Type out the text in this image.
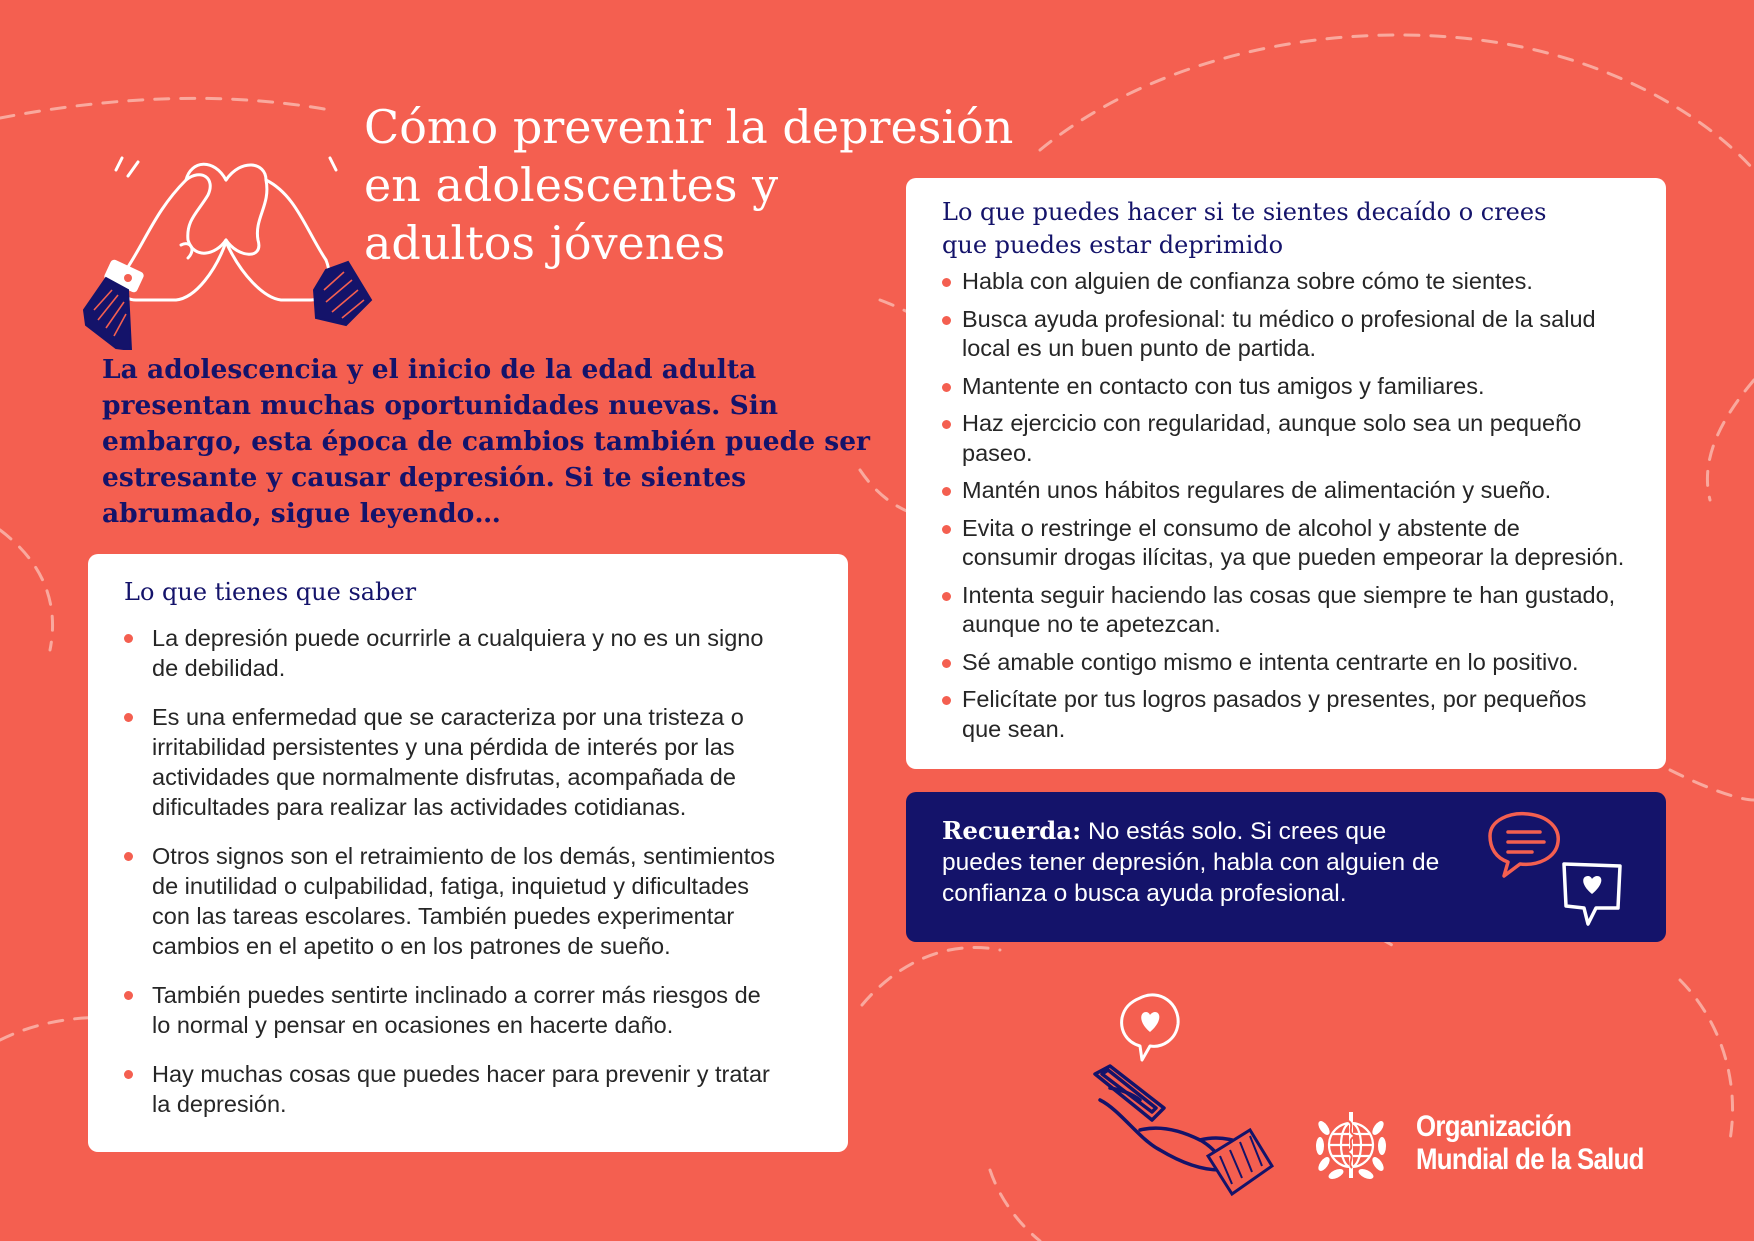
Cómo prevenir la depresión
en adolescentes y
adultos jóvenes

La adolescencia y el inicio de la edad adulta
presentan muchas oportunidades nuevas. Sin
embargo, esta época de cambios también puede ser
estresante y causar depresión. Si te sientes
abrumado, sigue leyendo…

Lo que tienes que saber
La depresión puede ocurrirle a cualquiera y no es un signo
de debilidad.
Es una enfermedad que se caracteriza por una tristeza o
irritabilidad persistentes y una pérdida de interés por las
actividades que normalmente disfrutas, acompañada de
dificultades para realizar las actividades cotidianas.
Otros signos son el retraimiento de los demás, sentimientos
de inutilidad o culpabilidad, fatiga, inquietud y dificultades
con las tareas escolares. También puedes experimentar
cambios en el apetito o en los patrones de sueño.
También puedes sentirte inclinado a correr más riesgos de
lo normal y pensar en ocasiones en hacerte daño.
Hay muchas cosas que puedes hacer para prevenir y tratar
la depresión.
Lo que puedes hacer si te sientes decaído o crees
que puedes estar deprimido
Habla con alguien de confianza sobre cómo te sientes.
Busca ayuda profesional: tu médico o profesional de la salud
local es un buen punto de partida.
Mantente en contacto con tus amigos y familiares.
Haz ejercicio con regularidad, aunque solo sea un pequeño
paseo.
Mantén unos hábitos regulares de alimentación y sueño.
Evita o restringe el consumo de alcohol y abstente de
consumir drogas ilícitas, ya que pueden empeorar la depresión.
Intenta seguir haciendo las cosas que siempre te han gustado,
aunque no te apetezcan.
Sé amable contigo mismo e intenta centrarte en lo positivo.
Felicítate por tus logros pasados y presentes, por pequeños
que sean.

Recuerda: No estás solo. Si crees que
puedes tener depresión, habla con alguien de
confianza o busca ayuda profesional.

Organización
Mundial de la Salud
